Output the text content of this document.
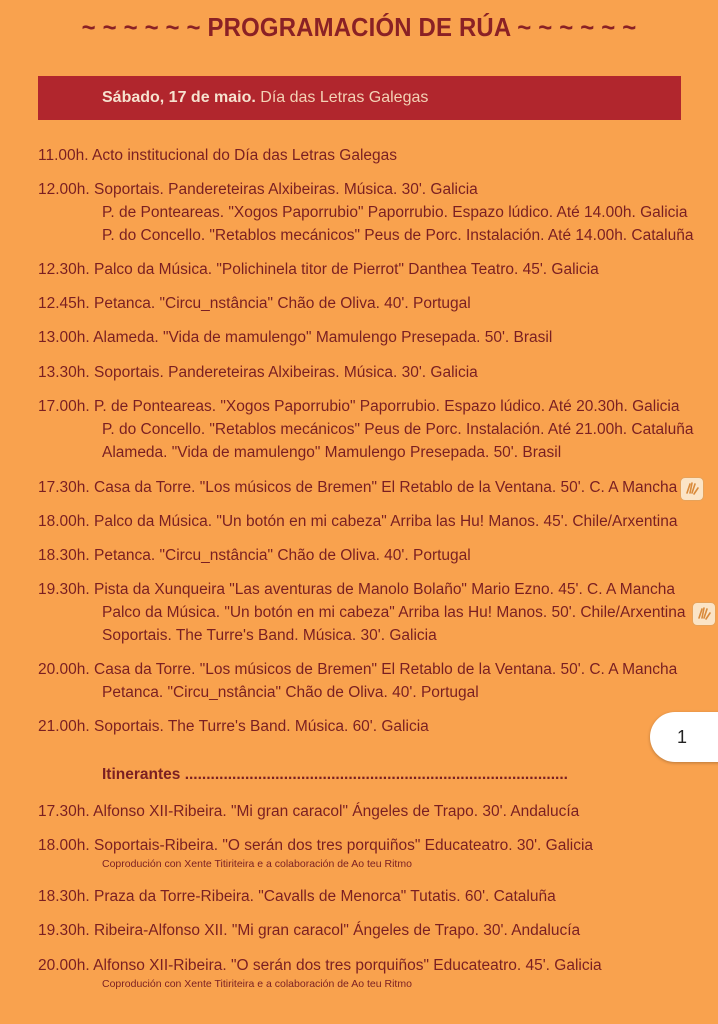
~ ~ ~ ~ ~ ~ PROGRAMACIÓN DE RÚA ~ ~ ~ ~ ~ ~
Sábado, 17 de maio. Día das Letras Galegas
11.00h. Acto institucional do Día das Letras Galegas
12.00h. Soportais. Pandereteiras Alxibeiras. Música. 30'. Galicia
P. de Ponteareas. "Xogos Paporrubio" Paporrubio. Espazo lúdico. Até 14.00h. Galicia
P. do Concello. "Retablos mecánicos" Peus de Porc. Instalación. Até 14.00h. Cataluña
12.30h. Palco da Música. "Polichinela titor de Pierrot" Danthea Teatro. 45'. Galicia
12.45h. Petanca. "Circu_nstância" Chão de Oliva. 40'. Portugal
13.00h. Alameda. "Vida de mamulengo" Mamulengo Presepada. 50'. Brasil
13.30h. Soportais. Pandereteiras Alxibeiras. Música. 30'. Galicia
17.00h. P. de Ponteareas. "Xogos Paporrubio" Paporrubio. Espazo lúdico. Até 20.30h. Galicia
P. do Concello. "Retablos mecánicos" Peus de Porc. Instalación. Até 21.00h. Cataluña
Alameda. "Vida de mamulengo" Mamulengo Presepada. 50'. Brasil
17.30h. Casa da Torre. "Los músicos de Bremen" El Retablo de la Ventana. 50'. C. A Mancha
18.00h. Palco da Música. "Un botón en mi cabeza" Arriba las Hu! Manos. 45'. Chile/Arxentina
18.30h. Petanca. "Circu_nstância" Chão de Oliva. 40'. Portugal
19.30h. Pista da Xunqueira "Las aventuras de Manolo Bolaño" Mario Ezno. 45'. C. A Mancha
Palco da Música. "Un botón en mi cabeza" Arriba las Hu! Manos. 50'. Chile/Arxentina
Soportais. The Turre's Band. Música. 30'. Galicia
20.00h. Casa da Torre. "Los músicos de Bremen" El Retablo de la Ventana. 50'. C. A Mancha
Petanca. "Circu_nstância" Chão de Oliva. 40'. Portugal
21.00h. Soportais. The Turre's Band. Música. 60'. Galicia	1
Itinerantes .........................................................................................
17.30h. Alfonso XII-Ribeira. "Mi gran caracol" Ángeles de Trapo. 30'. Andalucía
18.00h. Soportais-Ribeira. "O serán dos tres porquiños" Educateatro. 30'. Galicia
Coprodución con Xente Titiriteira e a colaboración de Ao teu Ritmo
18.30h. Praza da Torre-Ribeira. "Cavalls de Menorca" Tutatis. 60'. Cataluña
19.30h. Ribeira-Alfonso XII. "Mi gran caracol" Ángeles de Trapo. 30'. Andalucía
20.00h. Alfonso XII-Ribeira. "O serán dos tres porquiños" Educateatro. 45'. Galicia
Coprodución con Xente Titiriteira e a colaboración de Ao teu Ritmo
